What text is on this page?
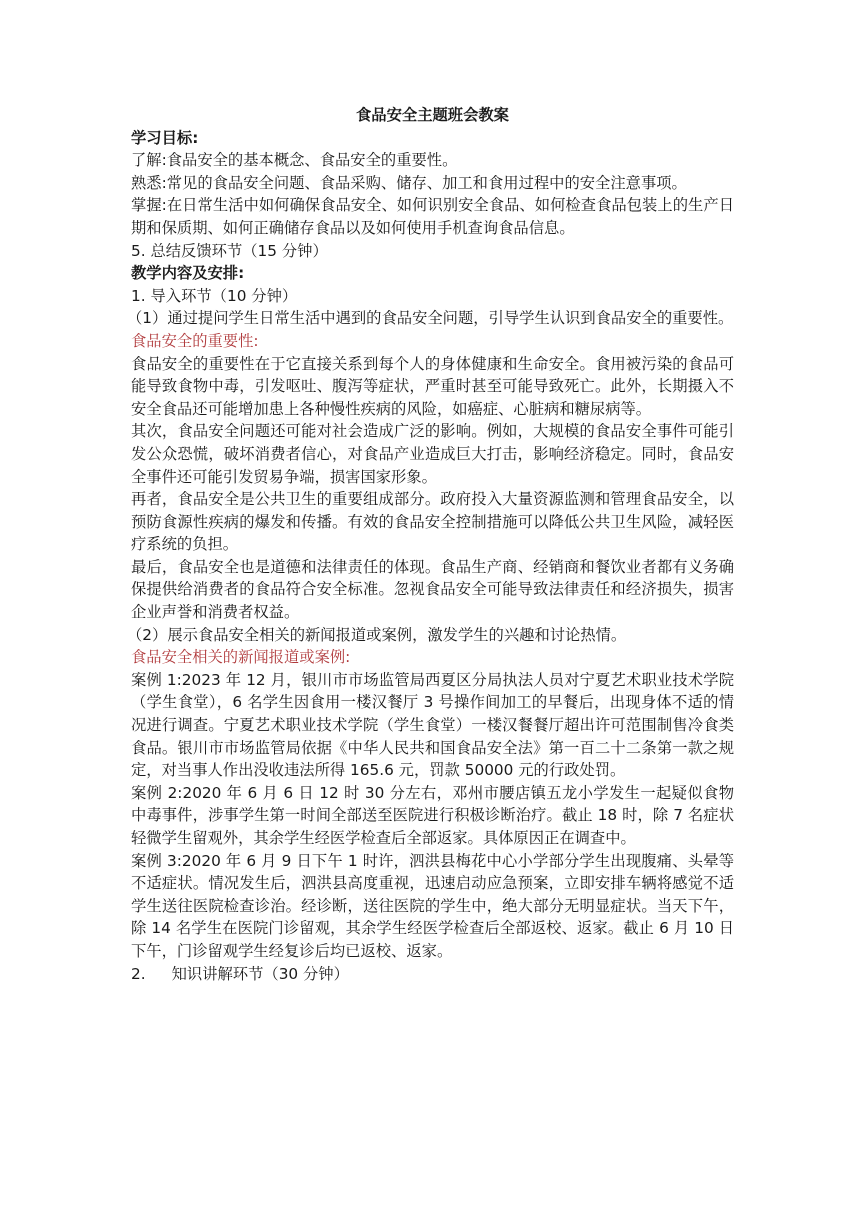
食品安全主题班会教案

学习目标:

了解:食品安全的基本概念、食品安全的重要性。

熟悉:常见的食品安全问题、食品采购、储存、加工和食用过程中的安全注意事项。

掌握:在日常生活中如何确保食品安全、如何识别安全食品、如何检查食品包装上的生产日期和保质期、如何正确储存食品以及如何使用手机查询食品信息。

5. 总结反馈环节（15 分钟）

教学内容及安排:

1. 导入环节（10 分钟）

（1）通过提问学生日常生活中遇到的食品安全问题，引导学生认识到食品安全的重要性。

食品安全的重要性:

食品安全的重要性在于它直接关系到每个人的身体健康和生命安全。食用被污染的食品可能导致食物中毒，引发呕吐、腹泻等症状，严重时甚至可能导致死亡。此外，长期摄入不安全食品还可能增加患上各种慢性疾病的风险，如癌症、心脏病和糖尿病等。

其次，食品安全问题还可能对社会造成广泛的影响。例如，大规模的食品安全事件可能引发公众恐慌，破坏消费者信心，对食品产业造成巨大打击，影响经济稳定。同时，食品安全事件还可能引发贸易争端，损害国家形象。

再者，食品安全是公共卫生的重要组成部分。政府投入大量资源监测和管理食品安全，以预防食源性疾病的爆发和传播。有效的食品安全控制措施可以降低公共卫生风险，减轻医疗系统的负担。

最后，食品安全也是道德和法律责任的体现。食品生产商、经销商和餐饮业者都有义务确保提供给消费者的食品符合安全标准。忽视食品安全可能导致法律责任和经济损失，损害企业声誉和消费者权益。

（2）展示食品安全相关的新闻报道或案例，激发学生的兴趣和讨论热情。

食品安全相关的新闻报道或案例:

案例 1:2023 年 12 月，银川市市场监管局西夏区分局执法人员对宁夏艺术职业技术学院（学生食堂），6 名学生因食用一楼汉餐厅 3 号操作间加工的早餐后，出现身体不适的情况进行调查。宁夏艺术职业技术学院（学生食堂）一楼汉餐餐厅超出许可范围制售冷食类食品。银川市市场监管局依据《中华人民共和国食品安全法》第一百二十二条第一款之规定，对当事人作出没收违法所得 165.6 元，罚款 50000 元的行政处罚。

案例 2:2020 年 6 月 6 日 12 时 30 分左右，邓州市腰店镇五龙小学发生一起疑似食物中毒事件，涉事学生第一时间全部送至医院进行积极诊断治疗。截止 18 时，除 7 名症状轻微学生留观外，其余学生经医学检查后全部返家。具体原因正在调查中。

案例 3:2020 年 6 月 9 日下午 1 时许，泗洪县梅花中心小学部分学生出现腹痛、头晕等不适症状。情况发生后，泗洪县高度重视，迅速启动应急预案，立即安排车辆将感觉不适学生送往医院检查诊治。经诊断，送往医院的学生中，绝大部分无明显症状。当天下午，除 14 名学生在医院门诊留观，其余学生经医学检查后全部返校、返家。截止 6 月 10 日下午，门诊留观学生经复诊后均已返校、返家。

2. 知识讲解环节（30 分钟）
